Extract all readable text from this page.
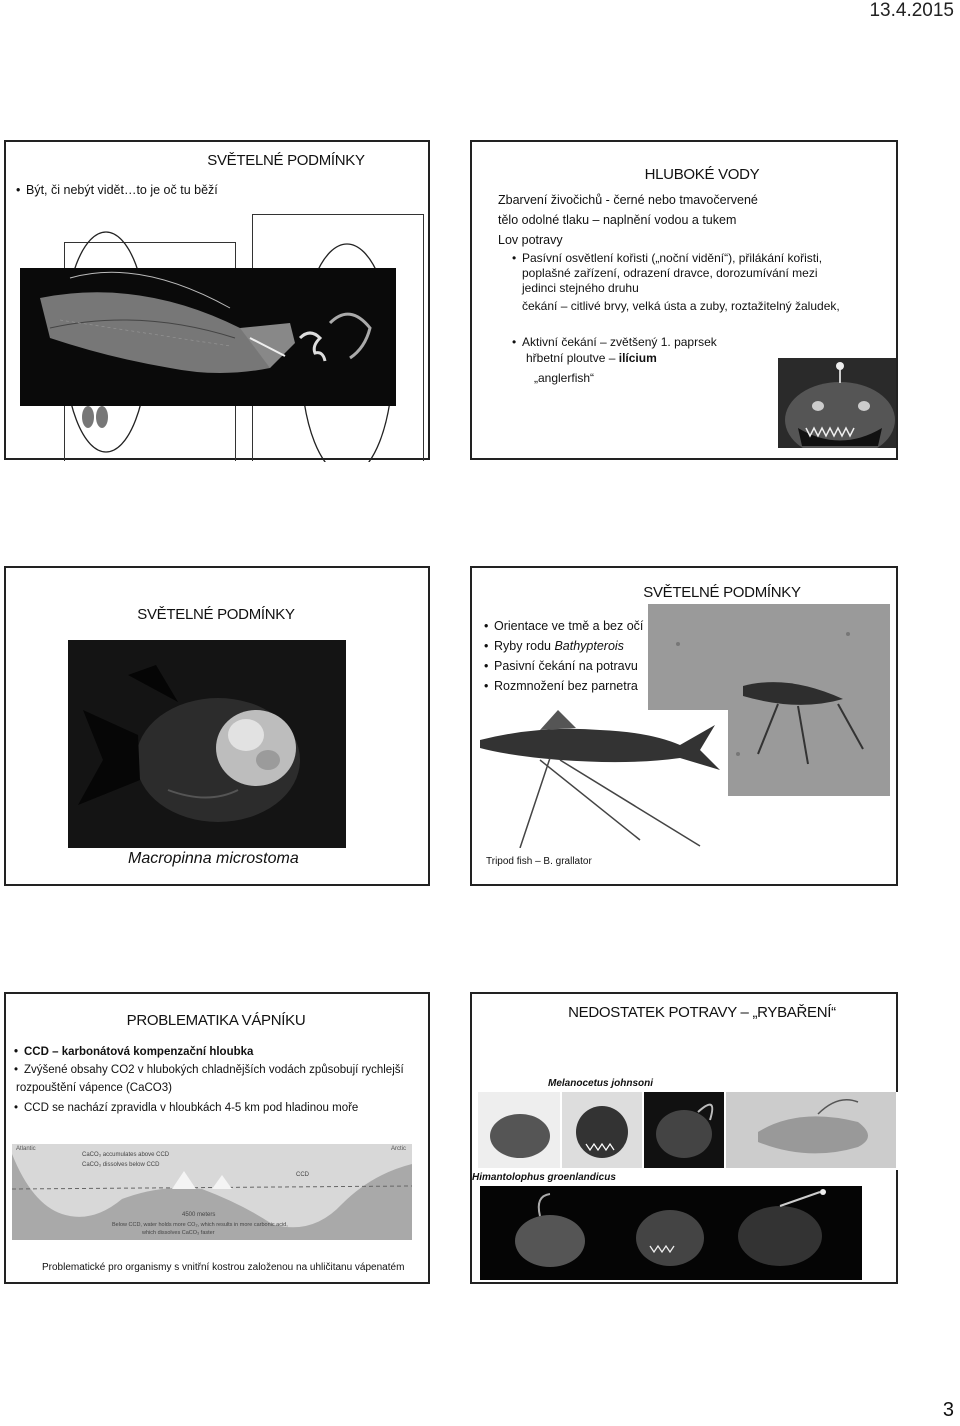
13.4.2015
SVĚTELNÉ PODMÍNKY
• Být, či nebýt vidět…to je oč tu běží
HLUBOKÉ VODY
Zbarvení živočichů - černé nebo tmavočervené
tělo odolné tlaku – naplnění vodou a tukem
Lov potravy
• Pasívní osvětlení kořisti („noční vidění“), přilákání kořisti,
poplašné zařízení, odrazení dravce, dorozumívání mezi
jedinci stejného druhu
čekání – citlivé brvy, velká ústa a zuby, roztažitelný žaludek,
• Aktivní čekání – zvětšený 1. paprsek
hřbetní ploutve – ilícium
„anglerfish“
SVĚTELNÉ PODMÍNKY
Macropinna microstoma
SVĚTELNÉ PODMÍNKY
• Orientace ve tmě a bez očí
• Ryby rodu Bathypterois
• Pasivní čekání na potravu
• Rozmnožení bez parnetra
Tripod fish – B. grallator
PROBLEMATIKA VÁPNÍKU
• CCD – karbonátová kompenzační hloubka
• Zvýšené obsahy CO2 v hlubokých chladnějších vodách způsobují rychlejší
rozpouštění vápence (CaCO3)
• CCD se nachází zpravidla v hloubkách 4-5 km pod hladinou moře
Atlantic	Arctic
CaCO₃ accumulates above CCD
CaCO₃ dissolves below CCD
CCD
4500 meters
Below CCD, water holds more CO₂, which results in more carbonic acid,
which dissolves CaCO₃ faster
Problematické pro organismy s vnitřní kostrou založenou na uhličitanu vápenatém
NEDOSTATEK POTRAVY – „RYBAŘENÍ“
Melanocetus johnsoni
Himantolophus groenlandicus
3
